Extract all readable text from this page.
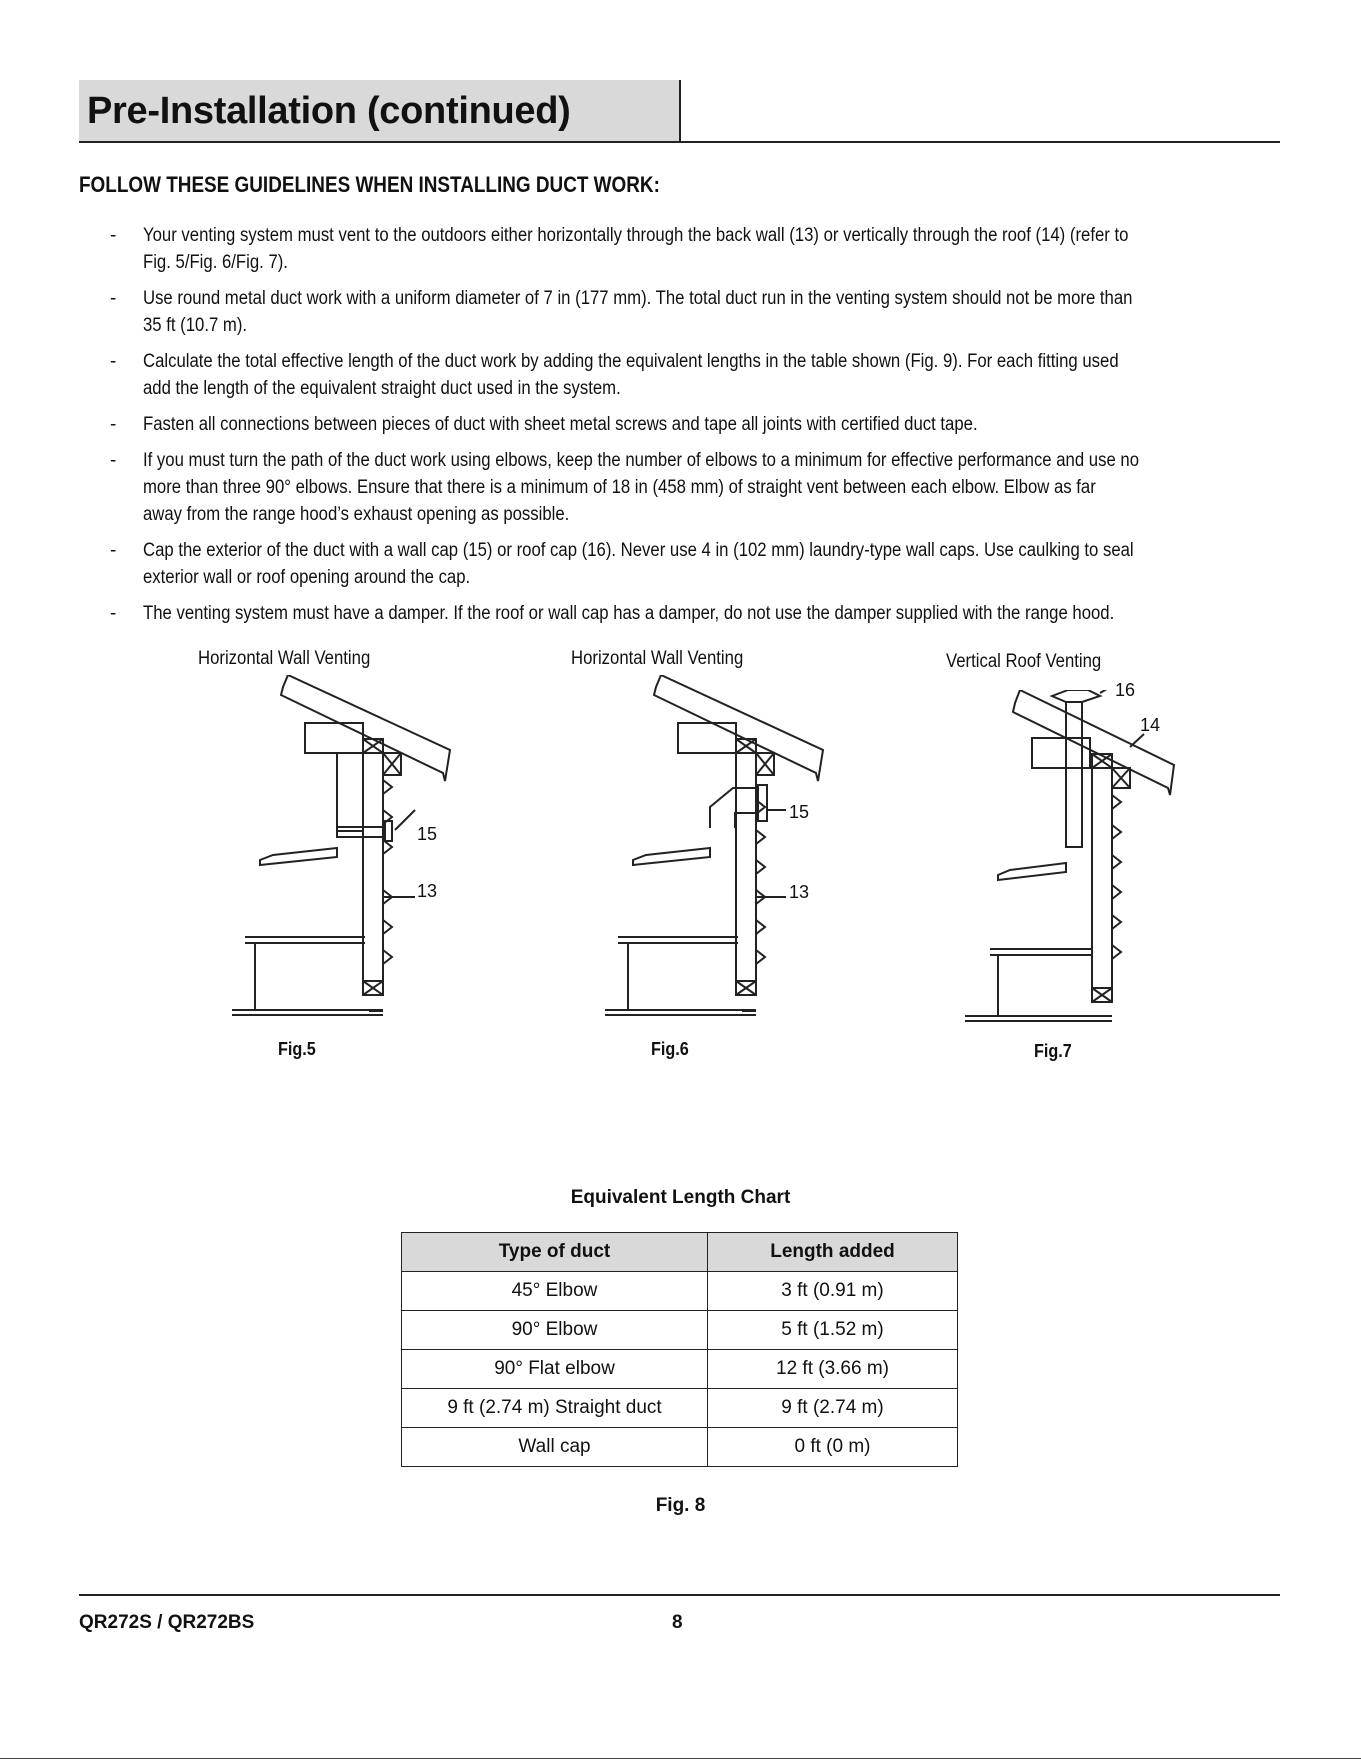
Pre-Installation (continued)
FOLLOW THESE GUIDELINES WHEN INSTALLING DUCT WORK:
- Your venting system must vent to the outdoors either horizontally through the back wall (13) or vertically through the roof (14) (refer to Fig. 5/Fig. 6/Fig. 7).
- Use round metal duct work with a uniform diameter of 7 in (177 mm). The total duct run in the venting system should not be more than 35 ft (10.7 m).
- Calculate the total effective length of the duct work by adding the equivalent lengths in the table shown (Fig. 9). For each fitting used add the length of the equivalent straight duct used in the system.
- Fasten all connections between pieces of duct with sheet metal screws and tape all joints with certified duct tape.
- If you must turn the path of the duct work using elbows, keep the number of elbows to a minimum for effective performance and use no more than three 90° elbows. Ensure that there is a minimum of 18 in (458 mm) of straight vent between each elbow. Elbow as far away from the range hood’s exhaust opening as possible.
- Cap the exterior of the duct with a wall cap (15) or roof cap (16). Never use 4 in (102 mm) laundry-type wall caps. Use caulking to seal exterior wall or roof opening around the cap.
- The venting system must have a damper. If the roof or wall cap has a damper, do not use the damper supplied with the range hood.
Horizontal Wall Venting
15
13
Fig.5
Horizontal Wall Venting
15
13
Fig.6
Vertical Roof Venting
16
14
Fig.7
Equivalent Length Chart
Type of duct	Length added
45° Elbow	3 ft (0.91 m)
90° Elbow	5 ft (1.52 m)
90° Flat elbow	12 ft (3.66 m)
9 ft (2.74 m) Straight duct	9 ft (2.74 m)
Wall cap	0 ft (0 m)
Fig. 8
QR272S / QR272BS	8
